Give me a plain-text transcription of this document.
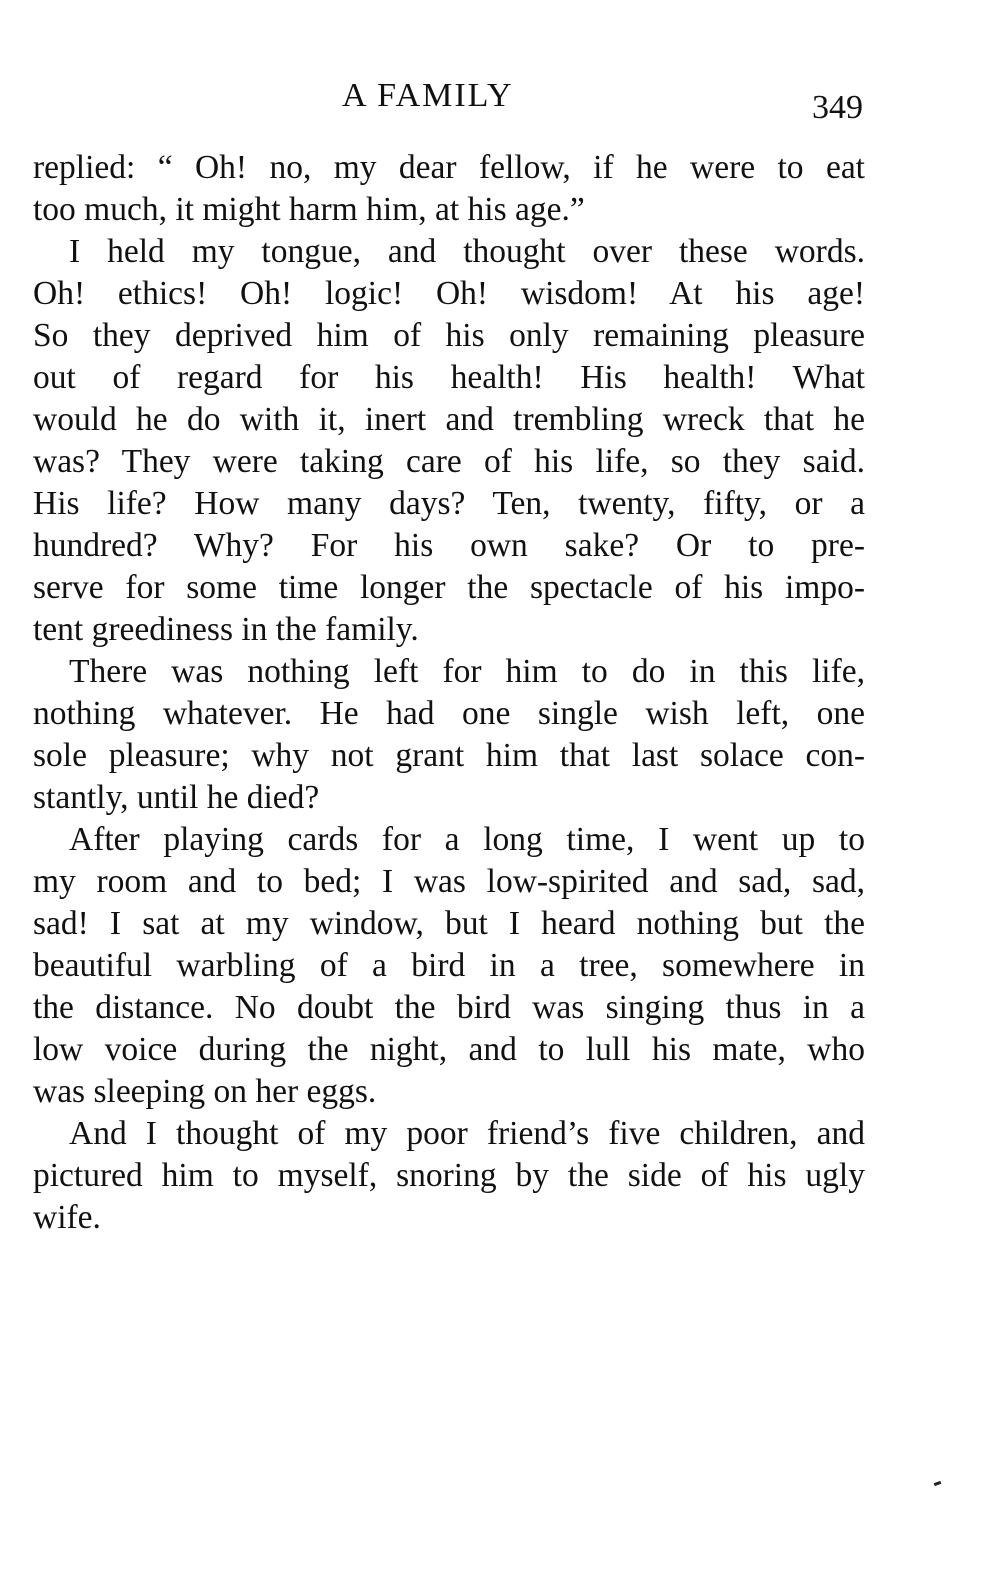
A FAMILY	349
replied: “ Oh! no, my dear fellow, if he were to eat
too much, it might harm him, at his age.”
I held my tongue, and thought over these words.
Oh! ethics! Oh! logic! Oh! wisdom! At his age!
So they deprived him of his only remaining pleasure
out of regard for his health! His health! What
would he do with it, inert and trembling wreck that he
was? They were taking care of his life, so they said.
His life? How many days? Ten, twenty, fifty, or a
hundred? Why? For his own sake? Or to pre-
serve for some time longer the spectacle of his impo-
tent greediness in the family.
There was nothing left for him to do in this life,
nothing whatever. He had one single wish left, one
sole pleasure; why not grant him that last solace con-
stantly, until he died?
After playing cards for a long time, I went up to
my room and to bed; I was low-spirited and sad, sad,
sad! I sat at my window, but I heard nothing but the
beautiful warbling of a bird in a tree, somewhere in
the distance. No doubt the bird was singing thus in a
low voice during the night, and to lull his mate, who
was sleeping on her eggs.
And I thought of my poor friend’s five children, and
pictured him to myself, snoring by the side of his ugly
wife.
